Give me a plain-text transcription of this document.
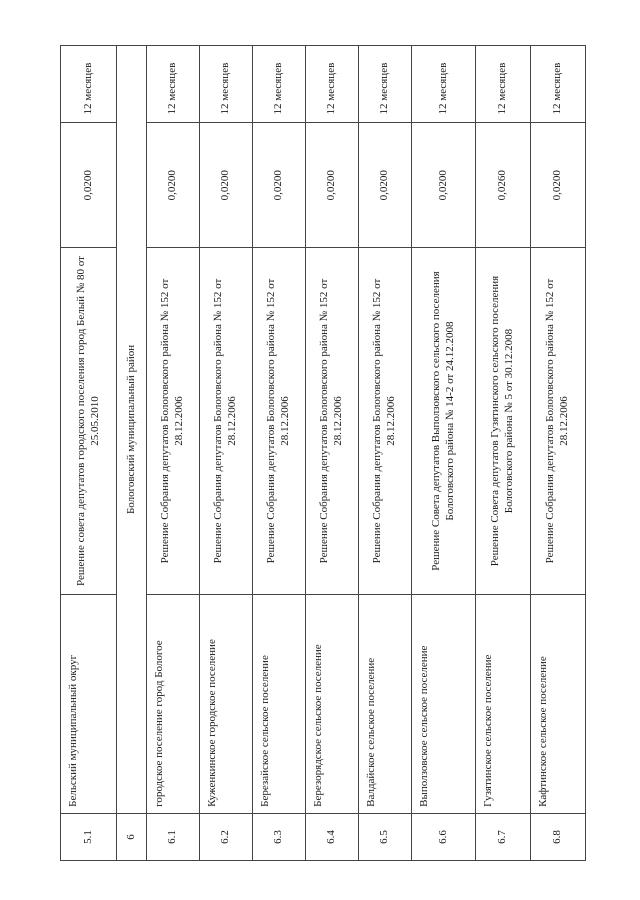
5.1	Бельский муниципальный округ	Решение совета депутатов городского поселения город Белый № 80 от 25.05.2010	0,0200	12 месяцев
6	Бологовский муниципальный район			
6.1	городское поселение город Бологое	Решение Собрания депутатов Бологовского района № 152 от 28.12.2006	0,0200	12 месяцев
6.2	Куженкинское городское поселение	Решение Собрания депутатов Бологовского района № 152 от 28.12.2006	0,0200	12 месяцев
6.3	Березайское сельское поселение	Решение Собрания депутатов Бологовского района № 152 от 28.12.2006	0,0200	12 месяцев
6.4	Березорядское сельское поселение	Решение Собрания депутатов Бологовского района № 152 от 28.12.2006	0,0200	12 месяцев
6.5	Валдайское сельское поселение	Решение Собрания депутатов Бологовского района № 152 от 28.12.2006	0,0200	12 месяцев
6.6	Выползовское сельское поселение	Решение Совета депутатов Выползовского сельского поселения Бологовского района № 14-2 от 24.12.2008	0,0200	12 месяцев
6.7	Гузятинское сельское поселение	Решение Совета депутатов Гузятинского сельского поселения Бологовского района № 5 от 30.12.2008	0,0260	12 месяцев
6.8	Кафтинское сельское поселение	Решение Собрания депутатов Бологовского района № 152 от 28.12.2006	0,0200	12 месяцев
